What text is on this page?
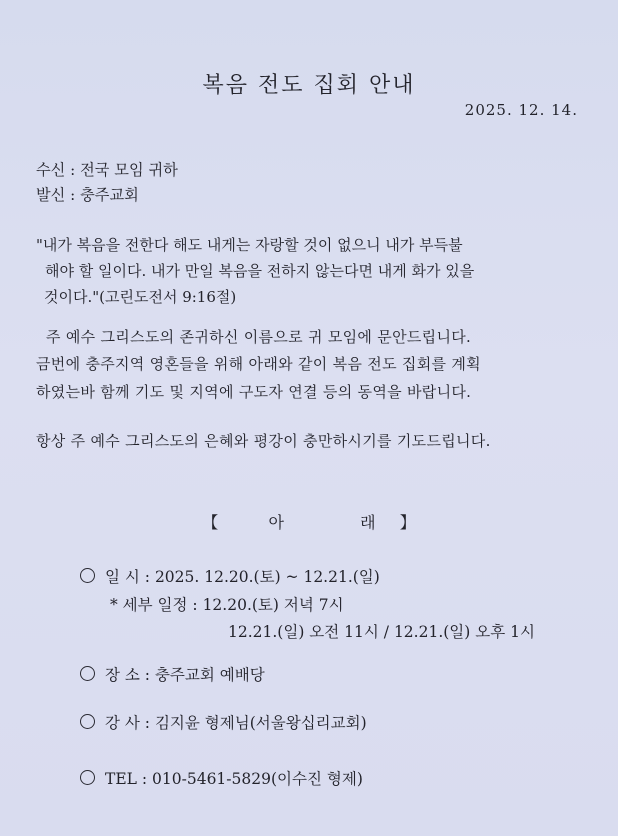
복음 전도 집회 안내
2025. 12. 14.
수신 : 전국 모임 귀하
발신 : 충주교회
"내가 복음을 전한다 해도 내게는 자랑할 것이 없으니 내가 부득불
해야 할 일이다. 내가 만일 복음을 전하지 않는다면 내게 화가 있을
것이다."(고린도전서 9:16절)
주 예수 그리스도의 존귀하신 이름으로 귀 모임에 문안드립니다.
금번에 충주지역 영혼들을 위해 아래와 같이 복음 전도 집회를 계획
하였는바 함께 기도 및 지역에 구도자 연결 등의 동역을 바랍니다.
항상 주 예수 그리스도의 은혜와 평강이 충만하시기를 기도드립니다.
【	아	래 】
일 시 : 2025. 12.20.(토) ~ 12.21.(일)
* 세부 일정 : 12.20.(토) 저녁 7시
12.21.(일) 오전 11시 / 12.21.(일) 오후 1시
장 소 : 충주교회 예배당
강 사 : 김지윤 형제님(서울왕십리교회)
TEL : 010-5461-5829(이수진 형제)
